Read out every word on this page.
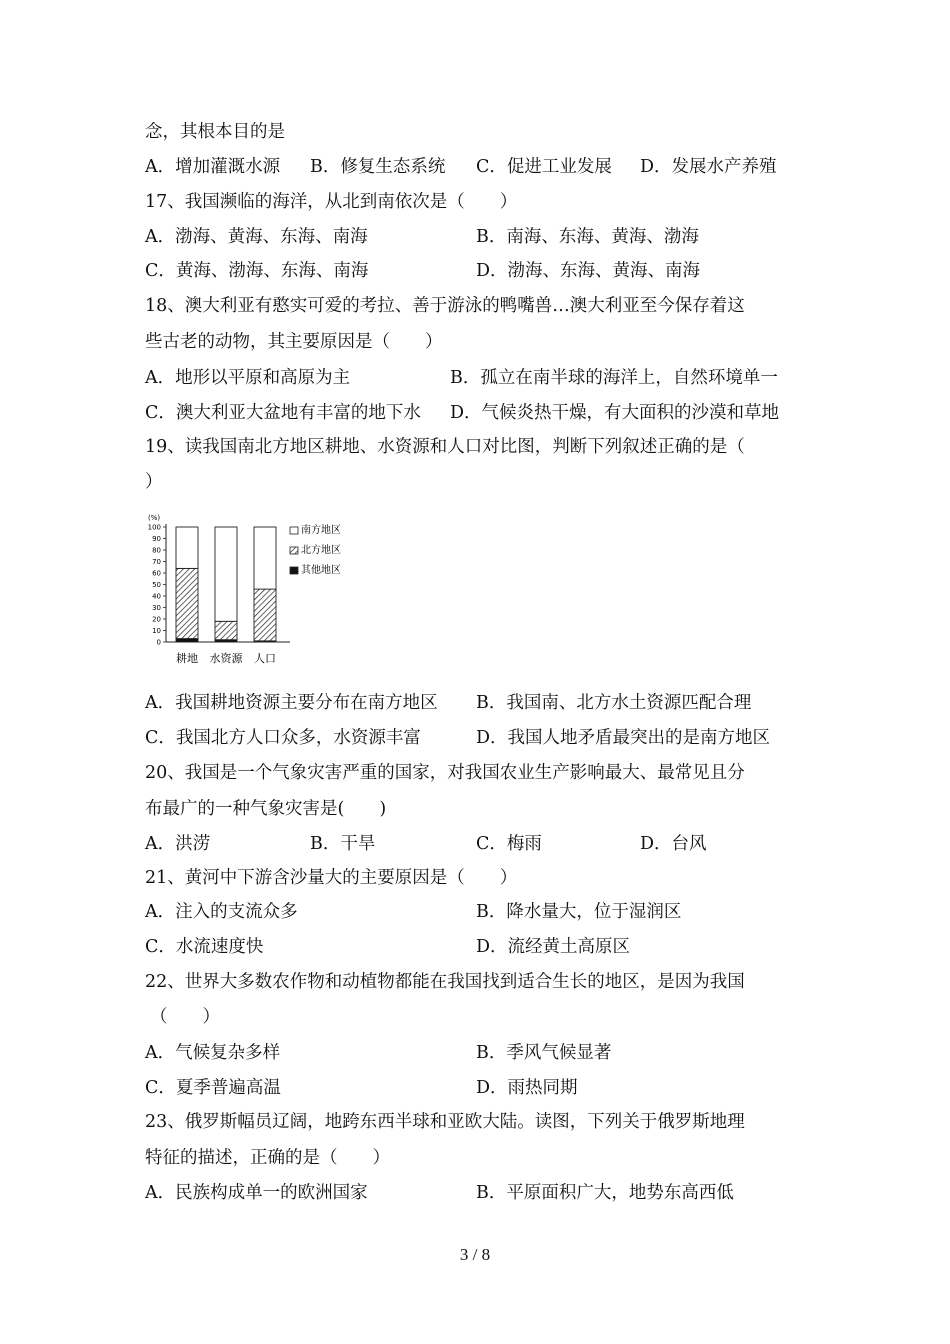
念，其根本目的是
A．增加灌溉水源 B．修复生态系统 C．促进工业发展 D．发展水产养殖
17、我国濒临的海洋，从北到南依次是（　　）
A．渤海、黄海、东海、南海	B．南海、东海、黄海、渤海
C．黄海、渤海、东海、南海	D．渤海、东海、黄海、南海
18、澳大利亚有憨实可爱的考拉、善于游泳的鸭嘴兽…澳大利亚至今保存着这
些古老的动物，其主要原因是（　　）
A．地形以平原和高原为主	B．孤立在南半球的海洋上，自然环境单一
C．澳大利亚大盆地有丰富的地下水 D．气候炎热干燥，有大面积的沙漠和草地
19、读我国南北方地区耕地、水资源和人口对比图，判断下列叙述正确的是（
）
(%)
0
10
20
30
40
50
60
70
80
90
100
耕地 水资源 人口
南方地区
北方地区
其他地区
A．我国耕地资源主要分布在南方地区 B．我国南、北方水土资源匹配合理
C．我国北方人口众多，水资源丰富	D．我国人地矛盾最突出的是南方地区
20、我国是一个气象灾害严重的国家，对我国农业生产影响最大、最常见且分
布最广的一种气象灾害是(　　)
A．洪涝	B．干旱	C．梅雨	D．台风
21、黄河中下游含沙量大的主要原因是（　　）
A．注入的支流众多	B．降水量大，位于湿润区
C．水流速度快	D．流经黄土高原区
22、世界大多数农作物和动植物都能在我国找到适合生长的地区，是因为我国
（　　）
A．气候复杂多样	B．季风气候显著
C．夏季普遍高温	D．雨热同期
23、俄罗斯幅员辽阔，地跨东西半球和亚欧大陆。读图，下列关于俄罗斯地理
特征的描述，正确的是（　　）
A．民族构成单一的欧洲国家	B．平原面积广大，地势东高西低
3 / 8
